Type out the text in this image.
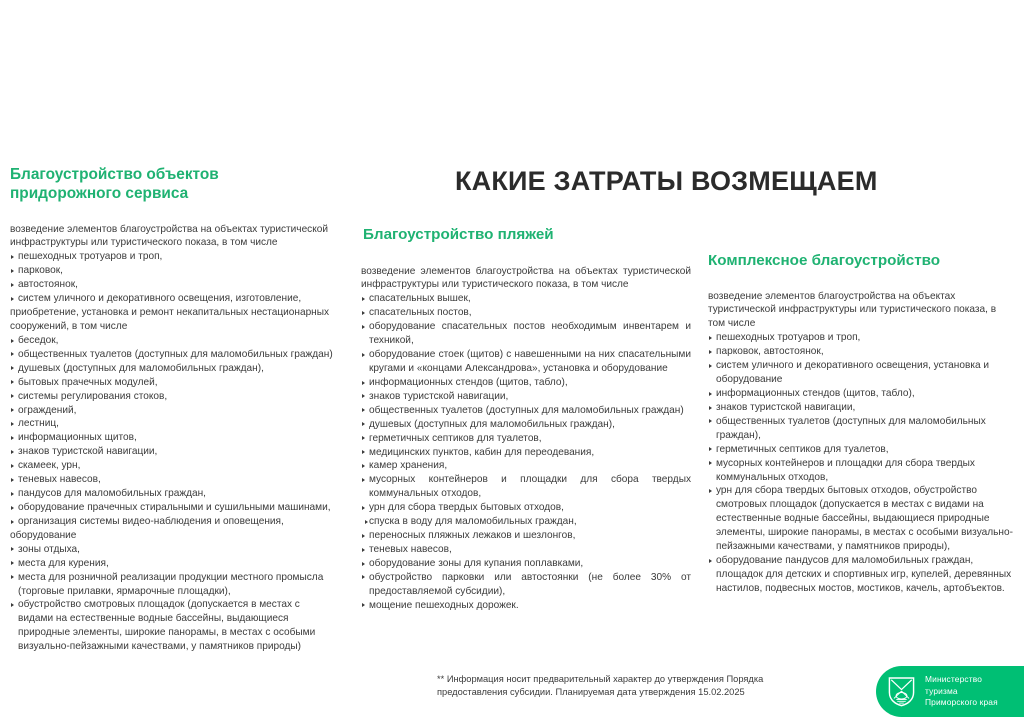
КАКИЕ ЗАТРАТЫ ВОЗМЕЩАЕМ
Благоустройство объектов придорожного сервиса

возведение элементов благоустройства на объектах туристической инфраструктуры или туристического показа, в том числе

пешеходных тротуаров и троп,

парковок,

автостоянок,

систем уличного и декоративного освещения, изготовление,

приобретение, установка и ремонт некапитальных нестационарных сооружений, в том числе

беседок,

общественных туалетов (доступных для маломобильных граждан)

душевых (доступных для маломобильных граждан),

бытовых прачечных модулей,

системы регулирования стоков,

ограждений,

лестниц,

информационных щитов,

знаков туристской навигации,

скамеек, урн,

теневых навесов,

пандусов для маломобильных граждан,

оборудование прачечных стиральными и сушильными машинами,

организация системы видео-наблюдения и оповещения,

оборудование

зоны отдыха,

места для курения,

места для розничной реализации продукции местного промысла (торговые прилавки, ярмарочные площадки),

обустройство смотровых площадок (допускается в местах с видами на естественные водные бассейны, выдающиеся природные элементы, широкие панорамы, в местах с особыми визуально-пейзажными качествами, у памятников природы)

Благоустройство пляжей

возведение элементов благоустройства на объектах туристической инфраструктуры или туристического показа, в том числе

спасательных вышек,

спасательных постов,

оборудование спасательных постов необходимым инвентарем и техникой,

оборудование стоек (щитов) с навешенными на них спасательными кругами и «концами Александрова», установка и оборудование

информационных стендов (щитов, табло),

знаков туристской навигации,

общественных туалетов (доступных для маломобильных граждан)

душевых (доступных для маломобильных граждан),

герметичных септиков для туалетов,

медицинских пунктов, кабин для переодевания,

камер хранения,

мусорных контейнеров и площадки для сбора твердых коммунальных отходов,

урн для сбора твердых бытовых отходов,

спуска в воду для маломобильных граждан,

переносных пляжных лежаков и шезлонгов,

теневых навесов,

оборудование зоны для купания поплавками,

обустройство парковки или автостоянки (не более 30% от предоставляемой субсидии),

мощение пешеходных дорожек.

Комплексное благоустройство

возведение элементов благоустройства на объектах туристической инфраструктуры или туристического показа, в том числе

пешеходных тротуаров и троп,

парковок, автостоянок,

систем уличного и декоративного освещения, установка и оборудование

информационных стендов (щитов, табло),

знаков туристской навигации,

общественных туалетов (доступных для маломобильных граждан),

герметичных септиков для туалетов,

мусорных контейнеров и площадки для сбора твердых коммунальных отходов,

урн для сбора твердых бытовых отходов, обустройство смотровых площадок (допускается в местах с видами на естественные водные бассейны, выдающиеся природные элементы, широкие панорамы, в местах с особыми визуально-пейзажными качествами, у памятников природы),

оборудование пандусов для маломобильных граждан, площадок для детских и спортивных игр, купелей, деревянных настилов, подвесных мостов, мостиков, качель, артобъектов.

** Информация носит предварительный характер до утверждения Порядка

предоставления субсидии. Планируемая дата утверждения 15.02.2025

Министерство
туризма
Приморского края
